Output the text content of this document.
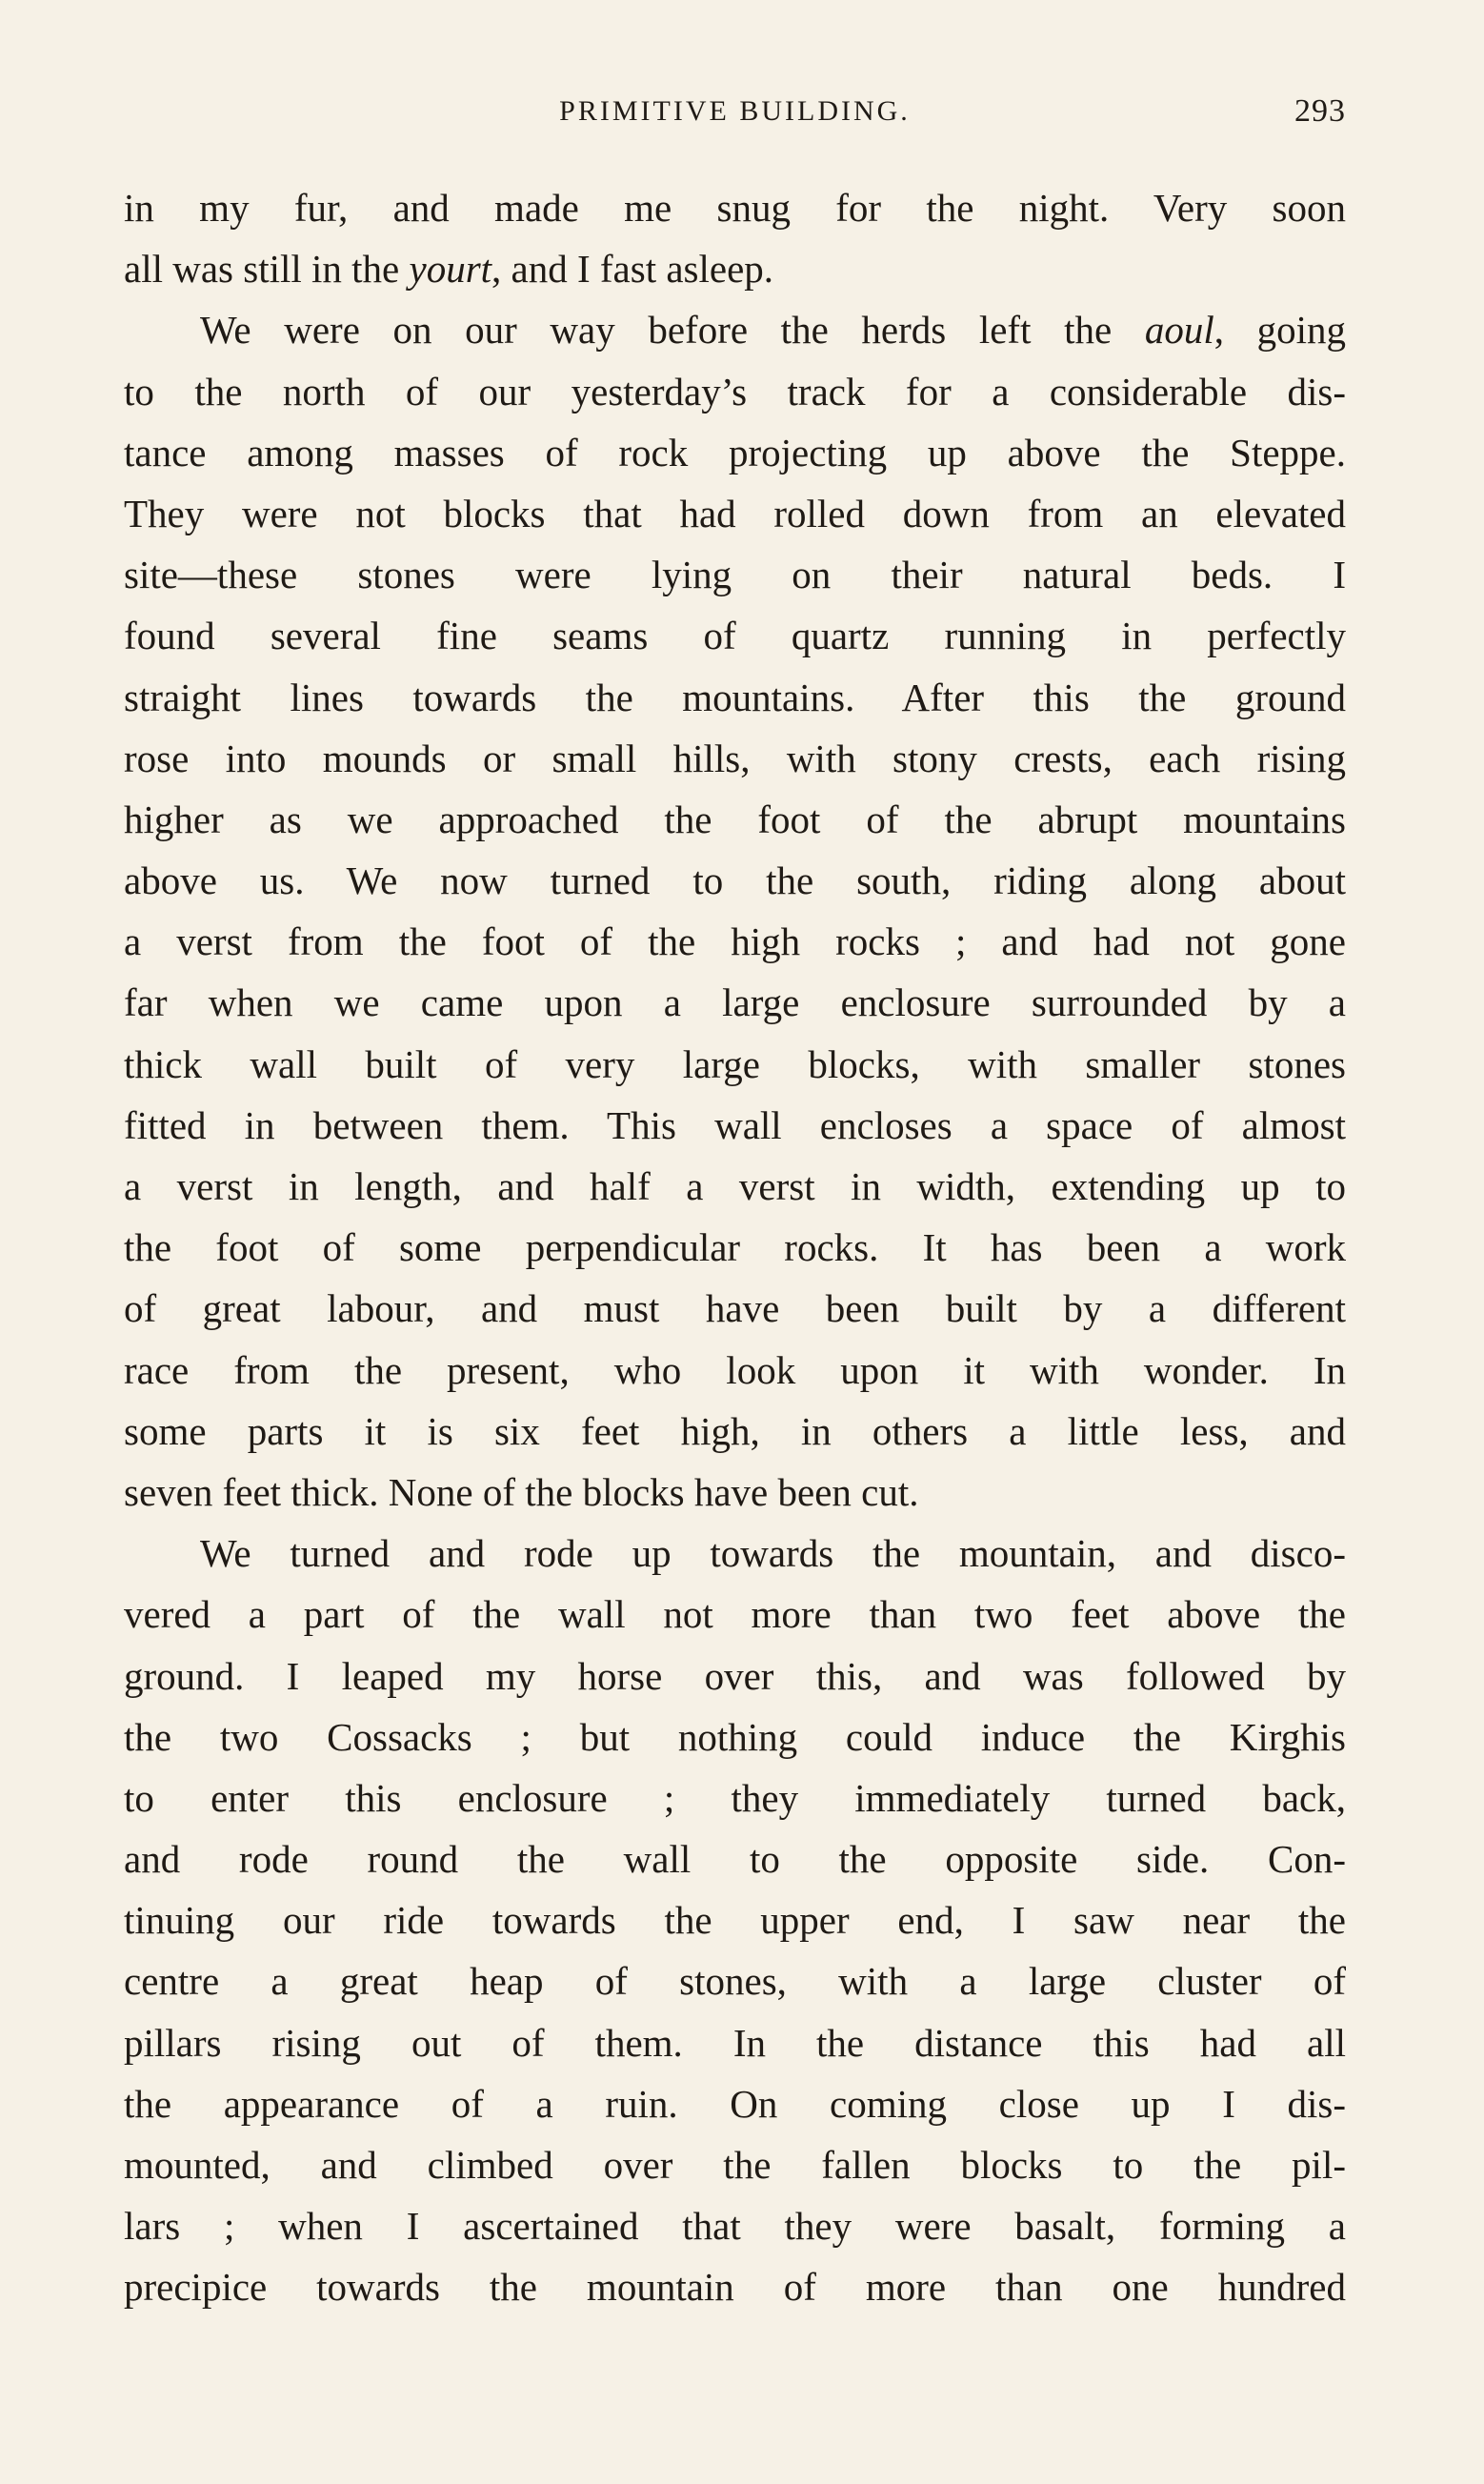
PRIMITIVE BUILDING.	293
in my fur, and made me snug for the night. Very soon
all was still in the yourt, and I fast asleep.
We were on our way before the herds left the aoul, going
to the north of our yesterday’s track for a considerable dis-
tance among masses of rock projecting up above the Steppe.
They were not blocks that had rolled down from an elevated
site—these stones were lying on their natural beds. I
found several fine seams of quartz running in perfectly
straight lines towards the mountains. After this the ground
rose into mounds or small hills, with stony crests, each rising
higher as we approached the foot of the abrupt mountains
above us. We now turned to the south, riding along about
a verst from the foot of the high rocks ; and had not gone
far when we came upon a large enclosure surrounded by a
thick wall built of very large blocks, with smaller stones
fitted in between them. This wall encloses a space of almost
a verst in length, and half a verst in width, extending up to
the foot of some perpendicular rocks. It has been a work
of great labour, and must have been built by a different
race from the present, who look upon it with wonder. In
some parts it is six feet high, in others a little less, and
seven feet thick. None of the blocks have been cut.
We turned and rode up towards the mountain, and disco-
vered a part of the wall not more than two feet above the
ground. I leaped my horse over this, and was followed by
the two Cossacks ; but nothing could induce the Kirghis
to enter this enclosure ; they immediately turned back,
and rode round the wall to the opposite side. Con-
tinuing our ride towards the upper end, I saw near the
centre a great heap of stones, with a large cluster of
pillars rising out of them. In the distance this had all
the appearance of a ruin. On coming close up I dis-
mounted, and climbed over the fallen blocks to the pil-
lars ; when I ascertained that they were basalt, forming a
precipice towards the mountain of more than one hundred
